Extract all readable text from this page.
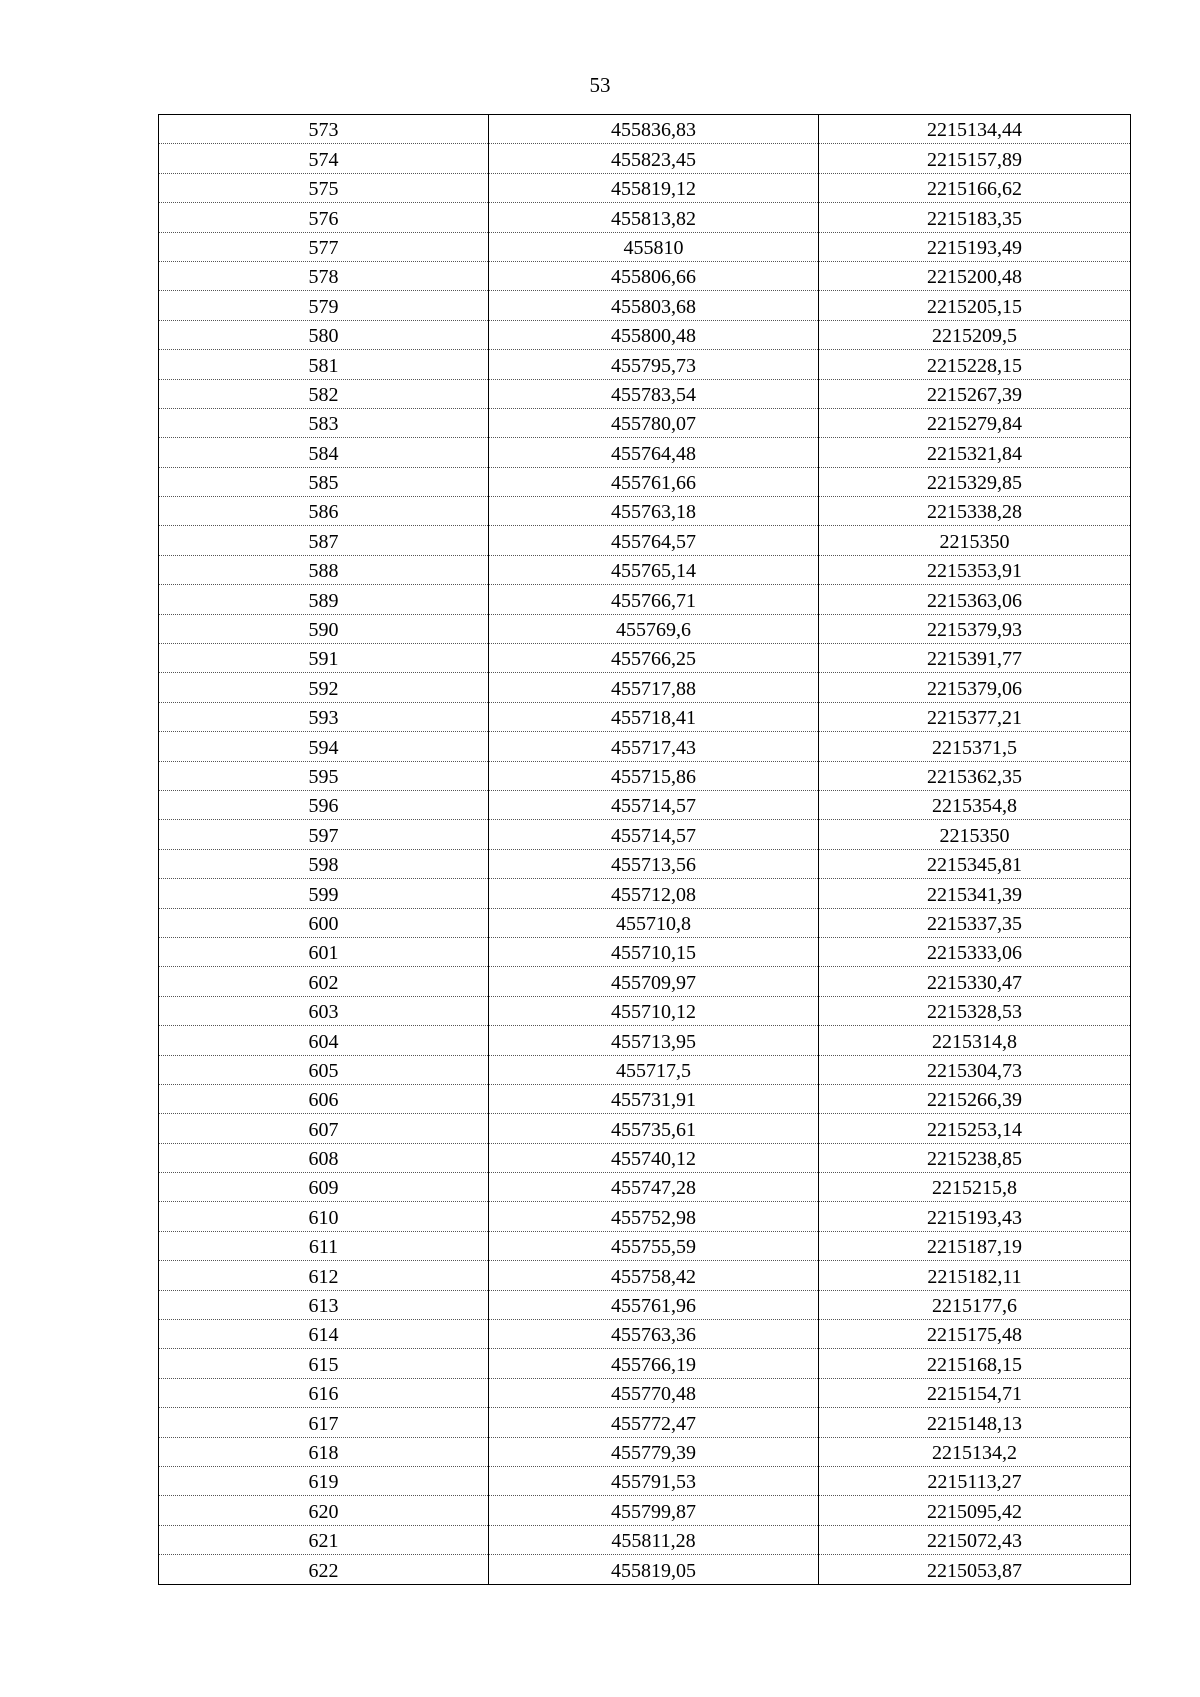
53
573	455836,83	2215134,44
574	455823,45	2215157,89
575	455819,12	2215166,62
576	455813,82	2215183,35
577	455810	2215193,49
578	455806,66	2215200,48
579	455803,68	2215205,15
580	455800,48	2215209,5
581	455795,73	2215228,15
582	455783,54	2215267,39
583	455780,07	2215279,84
584	455764,48	2215321,84
585	455761,66	2215329,85
586	455763,18	2215338,28
587	455764,57	2215350
588	455765,14	2215353,91
589	455766,71	2215363,06
590	455769,6	2215379,93
591	455766,25	2215391,77
592	455717,88	2215379,06
593	455718,41	2215377,21
594	455717,43	2215371,5
595	455715,86	2215362,35
596	455714,57	2215354,8
597	455714,57	2215350
598	455713,56	2215345,81
599	455712,08	2215341,39
600	455710,8	2215337,35
601	455710,15	2215333,06
602	455709,97	2215330,47
603	455710,12	2215328,53
604	455713,95	2215314,8
605	455717,5	2215304,73
606	455731,91	2215266,39
607	455735,61	2215253,14
608	455740,12	2215238,85
609	455747,28	2215215,8
610	455752,98	2215193,43
611	455755,59	2215187,19
612	455758,42	2215182,11
613	455761,96	2215177,6
614	455763,36	2215175,48
615	455766,19	2215168,15
616	455770,48	2215154,71
617	455772,47	2215148,13
618	455779,39	2215134,2
619	455791,53	2215113,27
620	455799,87	2215095,42
621	455811,28	2215072,43
622	455819,05	2215053,87
